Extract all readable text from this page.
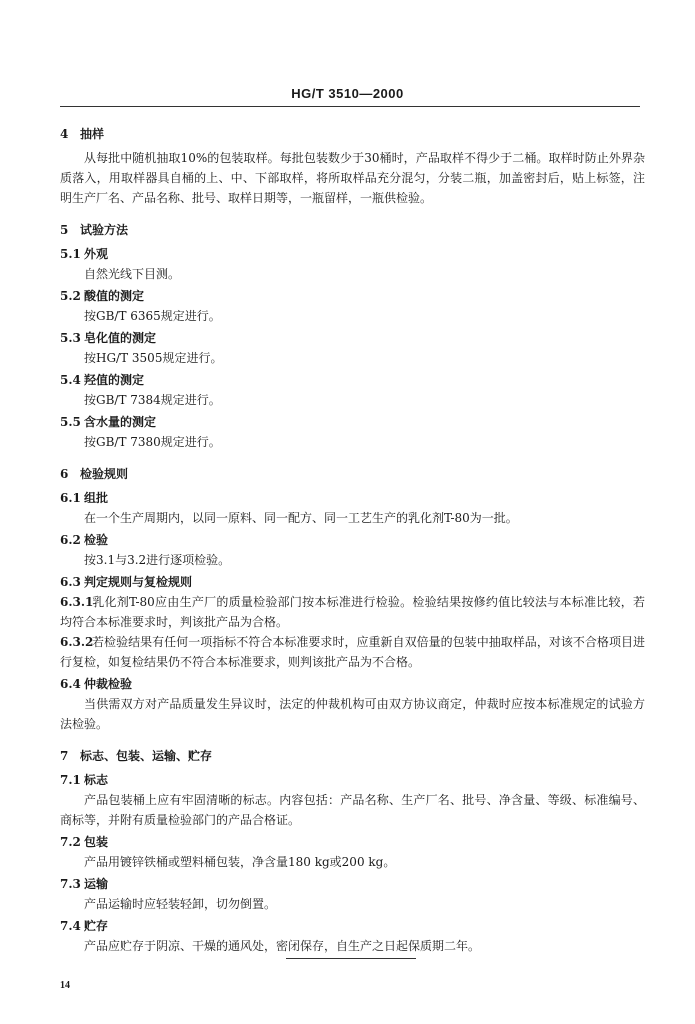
HG/T 3510—2000
4 抽样

从每批中随机抽取10%的包装取样。每批包装数少于30桶时，产品取样不得少于二桶。取样时防止外界杂质落入，用取样器具自桶的上、中、下部取样，将所取样品充分混匀，分装二瓶，加盖密封后，贴上标签，注明生产厂名、产品名称、批号、取样日期等，一瓶留样，一瓶供检验。

5 试验方法
5.1 外观
自然光线下目测。
5.2 酸值的测定
按GB/T 6365规定进行。
5.3 皂化值的测定
按HG/T 3505规定进行。
5.4 羟值的测定
按GB/T 7384规定进行。
5.5 含水量的测定
按GB/T 7380规定进行。
6 检验规则
6.1 组批
在一个生产周期内，以同一原料、同一配方、同一工艺生产的乳化剂T-80为一批。
6.2 检验
按3.1与3.2进行逐项检验。
6.3 判定规则与复检规则
6.3.1乳化剂T-80应由生产厂的质量检验部门按本标准进行检验。检验结果按修约值比较法与本标准比较，若均符合本标准要求时，判该批产品为合格。
6.3.2若检验结果有任何一项指标不符合本标准要求时，应重新自双倍量的包装中抽取样品，对该不合格项目进行复检，如复检结果仍不符合本标准要求，则判该批产品为不合格。
6.4 仲裁检验

当供需双方对产品质量发生异议时，法定的仲裁机构可由双方协议商定，仲裁时应按本标准规定的试验方法检验。

7 标志、包装、运输、贮存
7.1 标志

产品包装桶上应有牢固清晰的标志。内容包括：产品名称、生产厂名、批号、净含量、等级、标准编号、商标等，并附有质量检验部门的产品合格证。

7.2 包装
产品用镀锌铁桶或塑料桶包装，净含量180 kg或200 kg。
7.3 运输
产品运输时应轻装轻卸，切勿倒置。
7.4 贮存
产品应贮存于阴凉、干燥的通风处，密闭保存，自生产之日起保质期二年。
14
